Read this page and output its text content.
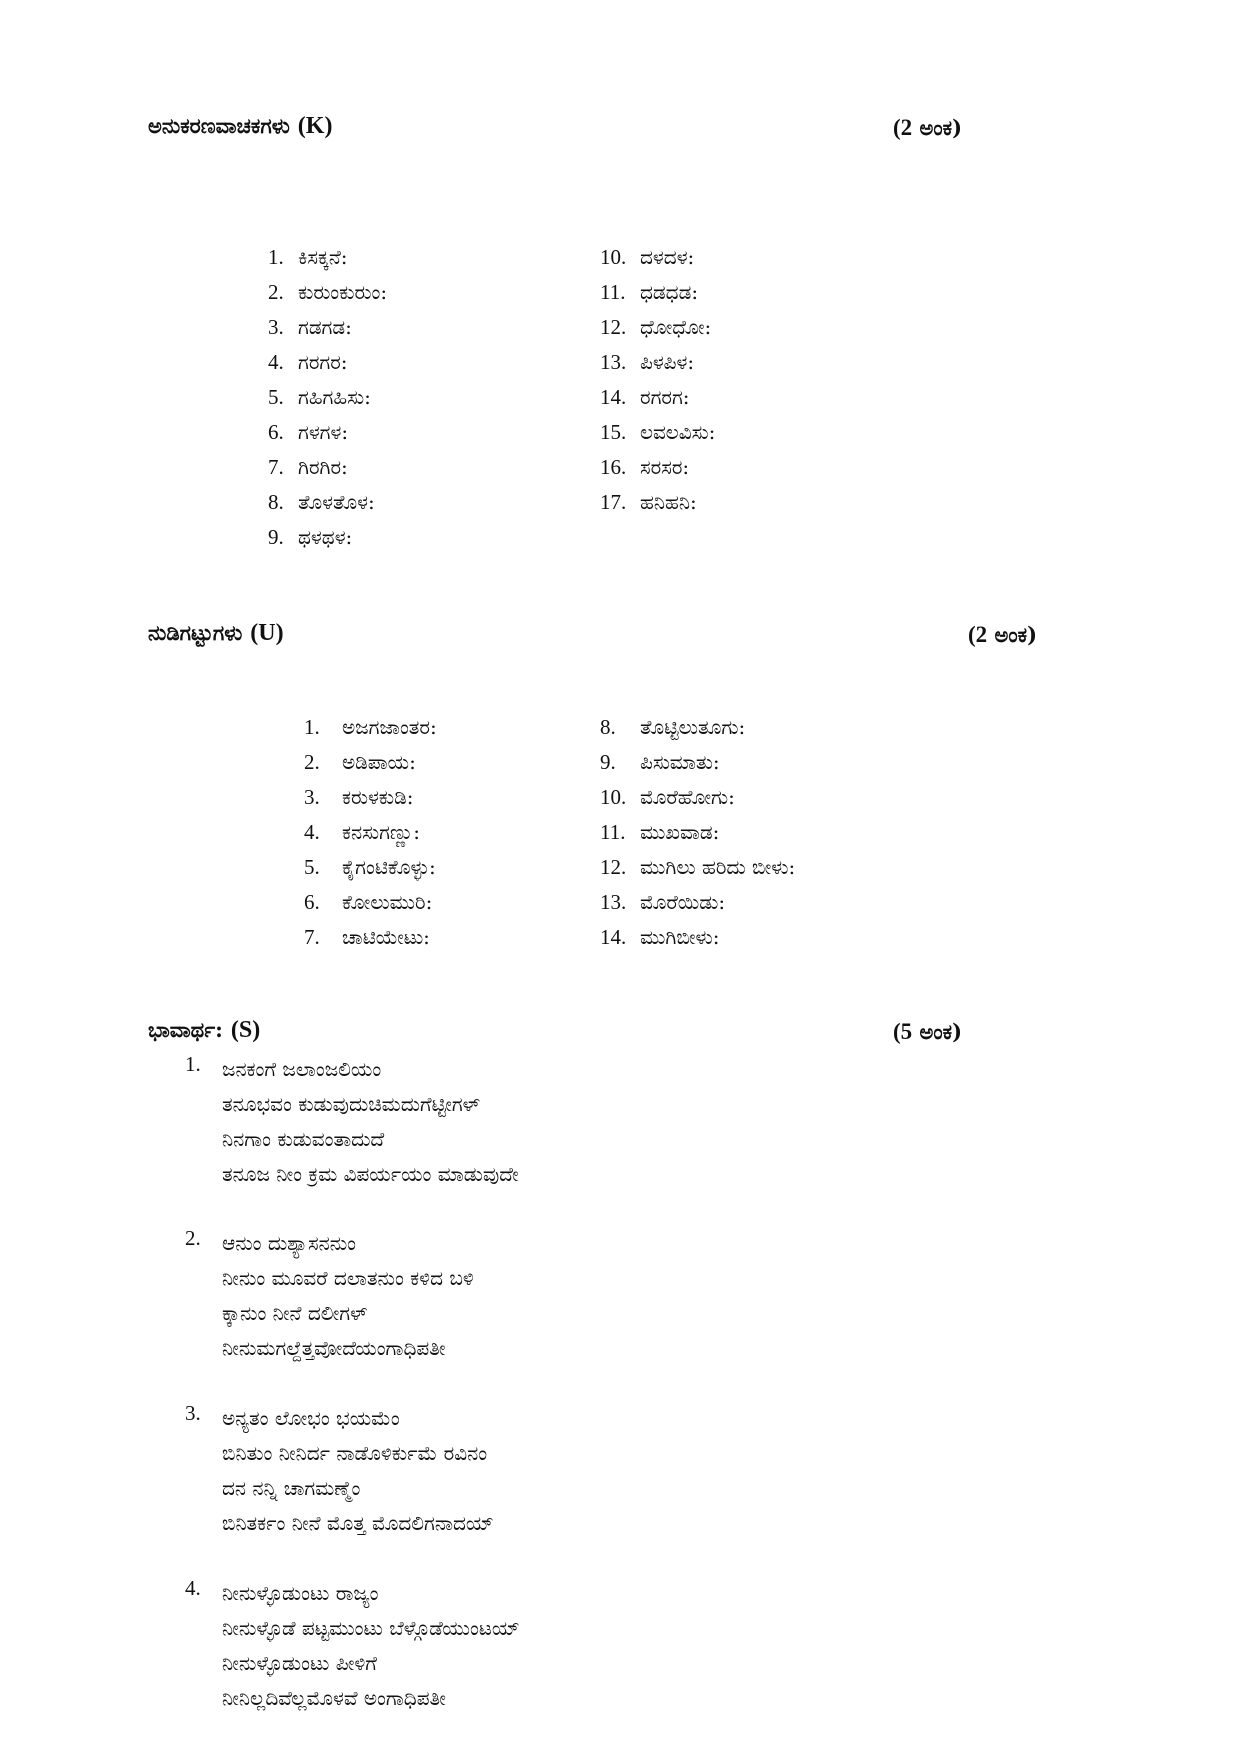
ಅನುಕರಣವಾಚಕಗಳು (K)	(2 ಅಂಕ)
1. ಕಿಸಕ್ಕನೆ:
2. ಕುರುಂಕುರುಂ:
3. ಗಡಗಡ:
4. ಗರಗರ:
5. ಗಹಿಗಹಿಸು:
6. ಗಳಗಳ:
7. ಗಿರಗಿರ:
8. ತೊಳತೊಳ:
9. ಥಳಥಳ:
10. ದಳದಳ:
11. ಧಡಧಡ:
12. ಧೋಧೋ:
13. ಪಿಳಪಿಳ:
14. ರಗರಗ:
15. ಲವಲವಿಸು:
16. ಸರಸರ:
17. ಹನಿಹನಿ:
ನುಡಿಗಟ್ಟುಗಳು (U)	(2 ಅಂಕ)
1. ಅಜಗಜಾಂತರ:
2. ಅಡಿಪಾಯ:
3. ಕರುಳಕುಡಿ:
4. ಕನಸುಗಣ್ಣು:
5. ಕೈಗಂಟಿಕೊಳ್ಳು:
6. ಕೋಲುಮುರಿ:
7. ಚಾಟಿಯೇಟು:
8. ತೊಟ್ಟಿಲುತೂಗು:
9. ಪಿಸುಮಾತು:
10. ಮೊರೆಹೋಗು:
11. ಮುಖವಾಡ:
12. ಮುಗಿಲು ಹರಿದು ಬೀಳು:
13. ಮೊರೆಯಿಡು:
14. ಮುಗಿಬೀಳು:
ಭಾವಾರ್ಥ: (S)	(5 ಅಂಕ)
1. ಜನಕಂಗೆ ಜಲಾಂಜಲಿಯಂ
ತನೂಭವಂ ಕುಡುವುದುಚಿಮದುಗೆಟ್ಟೀಗಳ್
ನಿನಗಾಂ ಕುಡುವಂತಾದುದೆ
ತನೂಜ ನೀಂ ಕ್ರಮ ವಿಪರ್ಯಯಂ ಮಾಡುವುದೇ
2. ಆನುಂ ದುಶ್ಯಾಸನನುಂ
ನೀನುಂ ಮೂವರೆ ದಲಾತನುಂ ಕಳಿದ ಬಳಿ
ಕ್ಕಾನುಂ ನೀನೆ ದಲೀಗಳ್
ನೀನುಮಗಲ್ದೆತ್ತವೋದೆಯಂಗಾಧಿಪತೀ
3. ಅನ್ಯತಂ ಲೋಭಂ ಭಯಮೆಂ
ಬಿನಿತುಂ ನೀನಿರ್ದ ನಾಡೊಳಿರ್ಕುಮೆ ರವಿನಂ
ದನ ನನ್ನಿ ಚಾಗಮಣ್ಮೆಂ
ಬಿನಿತರ್ಕಂ ನೀನೆ ಮೊತ್ತ ಮೊದಲಿಗನಾದಯ್
4. ನೀನುಳ್ಳೊಡುಂಟು ರಾಜ್ಯಂ
ನೀನುಳ್ಳೊಡೆ ಪಟ್ಟಮುಂಟು ಬೆಳ್ಗೊಡೆಯುಂಟಯ್
ನೀನುಳ್ಳೊಡುಂಟು ಪೀಳಿಗೆ
ನೀನಿಲ್ಲದಿವೆಲ್ಲಮೊಳವೆ ಅಂಗಾಧಿಪತೀ
